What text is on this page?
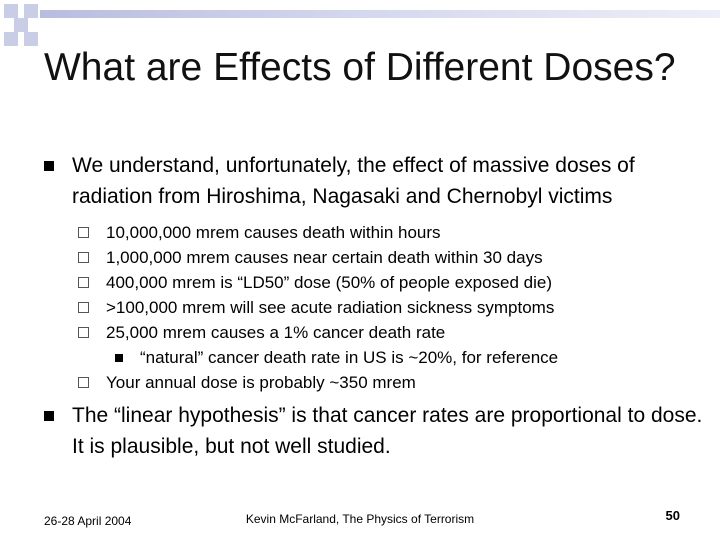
What are Effects of Different Doses?

We understand, unfortunately, the effect of massive doses of radiation from Hiroshima, Nagasaki and Chernobyl victims

10,000,000 mrem causes death within hours
1,000,000 mrem causes near certain death within 30 days
400,000 mrem is “LD50” dose (50% of people exposed die)
>100,000 mrem will see acute radiation sickness symptoms
25,000 mrem causes a 1% cancer death rate
“natural” cancer death rate in US is ~20%, for reference
Your annual dose is probably ~350 mrem

The “linear hypothesis” is that cancer rates are proportional to dose. It is plausible, but not well studied.

26-28 April 2004	Kevin McFarland, The Physics of Terrorism	50
